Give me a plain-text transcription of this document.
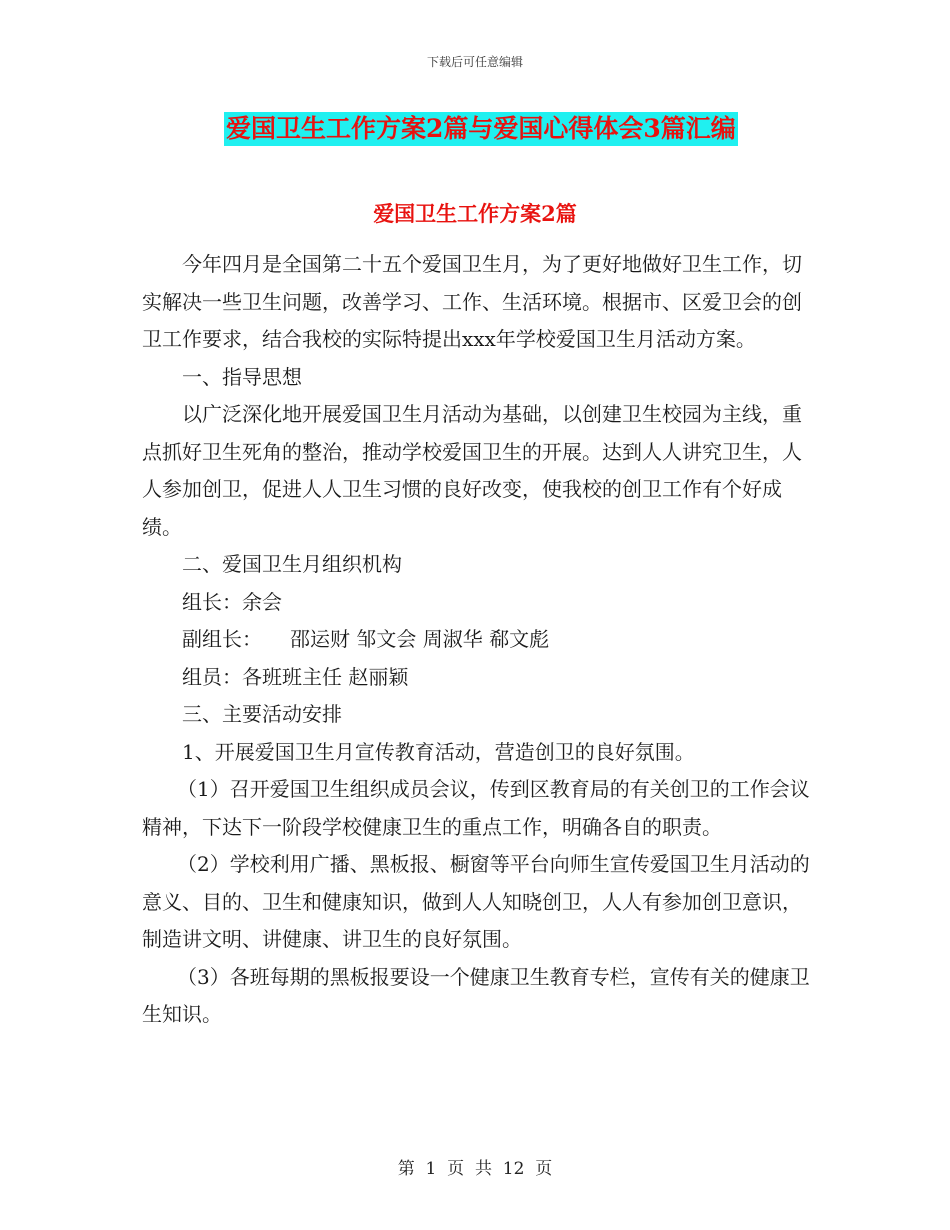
下载后可任意编辑
爱国卫生工作方案2篇与爱国心得体会3篇汇编
爱国卫生工作方案2篇

今年四月是全国第二十五个爱国卫生月，为了更好地做好卫生工作，切实解决一些卫生问题，改善学习、工作、生活环境。根据市、区爱卫会的创卫工作要求，结合我校的实际特提出xxx年学校爱国卫生月活动方案。

一、指导思想

以广泛深化地开展爱国卫生月活动为基础，以创建卫生校园为主线，重点抓好卫生死角的整治，推动学校爱国卫生的开展。达到人人讲究卫生，人人参加创卫，促进人人卫生习惯的良好改变，使我校的创卫工作有个好成绩。

二、爱国卫生月组织机构

组长：余会

副组长： 邵运财 邹文会 周淑华 郗文彪

组员：各班班主任 赵丽颖

三、主要活动安排

1、开展爱国卫生月宣传教育活动，营造创卫的良好氛围。

（1）召开爱国卫生组织成员会议，传到区教育局的有关创卫的工作会议精神，下达下一阶段学校健康卫生的重点工作，明确各自的职责。

（2）学校利用广播、黑板报、橱窗等平台向师生宣传爱国卫生月活动的意义、目的、卫生和健康知识，做到人人知晓创卫，人人有参加创卫意识，制造讲文明、讲健康、讲卫生的良好氛围。

（3）各班每期的黑板报要设一个健康卫生教育专栏，宣传有关的健康卫生知识。

第  1  页  共  12  页
